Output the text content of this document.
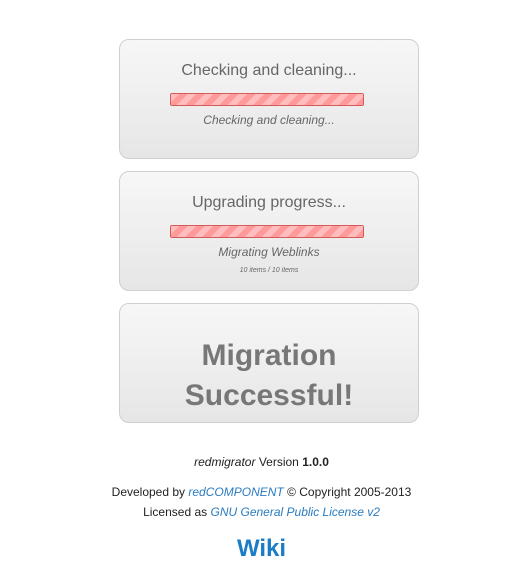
Checking and cleaning...
Checking and cleaning...
Upgrading progress...
Migrating Weblinks
10 items / 10 items
Migration
Successful!
redmigrator Version 1.0.0
Developed by redCOMPONENT © Copyright 2005-2013
Licensed as GNU General Public License v2
Wiki
